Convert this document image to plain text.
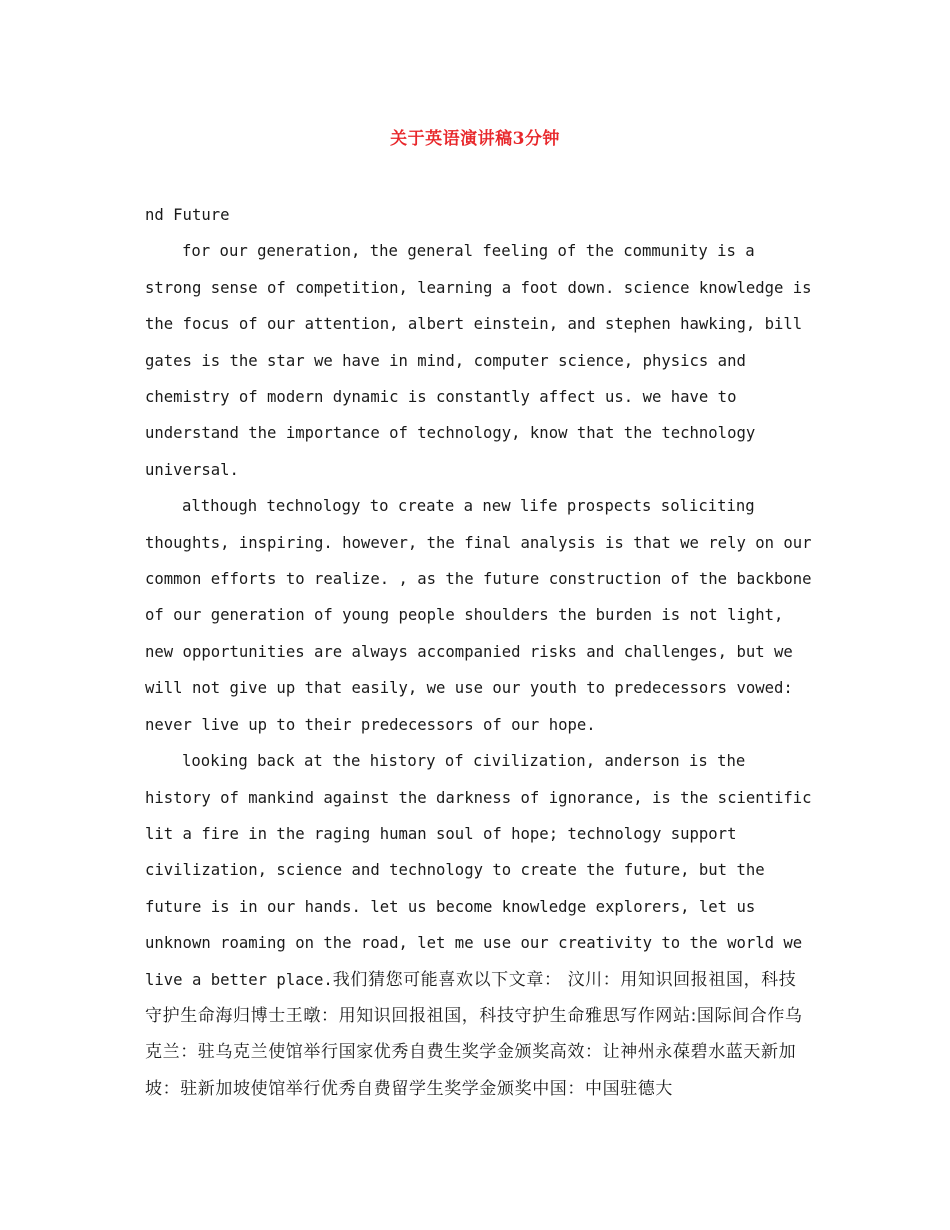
关于英语演讲稿3分钟

nd Future

for our generation, the general feeling of the community is a strong sense of competition, learning a foot down. science knowledge is the focus of our attention, albert einstein, and stephen hawking, bill gates is the star we have in mind, computer science, physics and chemistry of modern dynamic is constantly affect us. we have to understand the importance of technology, know that the technology universal.

although technology to create a new life prospects soliciting thoughts, inspiring. however, the final analysis is that we rely on our common efforts to realize. , as the future construction of the backbone of our generation of young people shoulders the burden is not light, new opportunities are always accompanied risks and challenges, but we will not give up that easily, we use our youth to predecessors vowed: never live up to their predecessors of our hope.

looking back at the history of civilization, anderson is the history of mankind against the darkness of ignorance, is the scientific lit a fire in the raging human soul of hope; technology support civilization, science and technology to create the future, but the future is in our hands. let us become knowledge explorers, let us unknown roaming on the road, let me use our creativity to the world we live a better place.我们猜您可能喜欢以下文章： 汶川：用知识回报祖国，科技守护生命海归博士王暾：用知识回报祖国，科技守护生命雅思写作网站:国际间合作乌克兰：驻乌克兰使馆举行国家优秀自费生奖学金颁奖高效：让神州永葆碧水蓝天新加坡：驻新加坡使馆举行优秀自费留学生奖学金颁奖中国：中国驻德大
